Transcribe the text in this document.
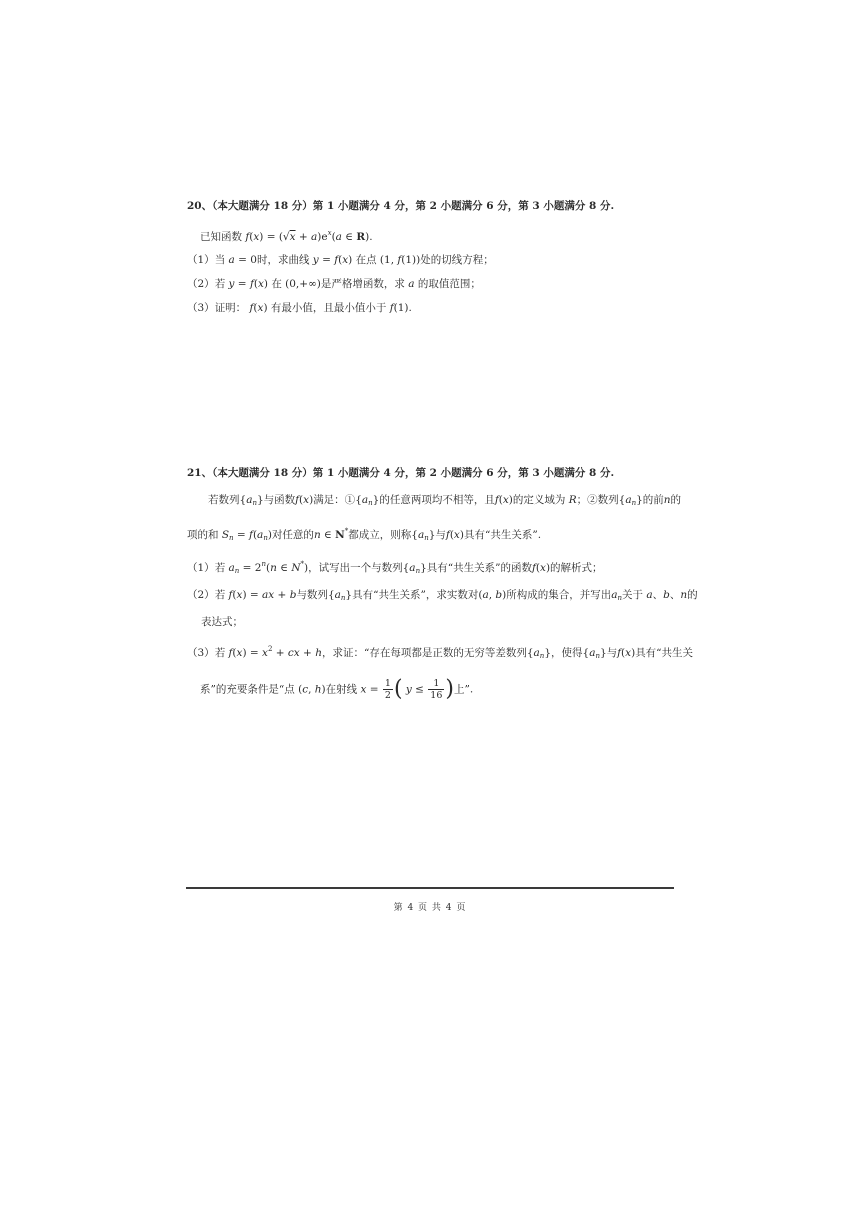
20、（本大题满分 18 分）第 1 小题满分 4 分，第 2 小题满分 6 分，第 3 小题满分 8 分.
已知函数 $f(x) = (√x + a)e^x(a$ ∈ R).
（1）当 a = 0时，求曲线 y = f(x) 在点 (1, f(1))处的切线方程；
（2）若 y = f(x) 在 (0,+∞)是严格增函数，求 a 的取值范围；
（3）证明： f(x) 有最小值，且最小值小于 f(1).
21、（本大题满分 18 分）第 1 小题满分 4 分，第 2 小题满分 6 分，第 3 小题满分 8 分.
若数列$\{a_n\}$与函数f(x)满足：$①\{a_n\}$的任意两项均不相等，且f(x)的定义域为 R；②数列$\{a_n\}$的前n的
项的和 $S_n = f(a_n)$对任意的n ∈ N*都成立，则称$\{a_n\}$与f(x)具有“共生关系”.
（1）若 $a_n = 2^n(n$ ∈ N*)，试写出一个与数列$\{a_n\}$具有“共生关系”的函数f(x)的解析式；
（2）若 f(x) = ax + b与数列$\{a_n\}$具有“共生关系”，求实数对(a, b)所构成的集合，并写出$a_n$关于 a、b、n的
表达式；
（3）若 $f(x) = x^2$ + cx + h，求证：“存在每项都是正数的无穷等差数列$\{a_n\}$，使得$\{a_n\}$与f(x)具有“共生关
系”的充要条件是“点 (c, h)在射线 $x = \frac{1}{2}$ ( $y \le \frac{1}{16}$ )上”.
第 4 页 共 4 页
